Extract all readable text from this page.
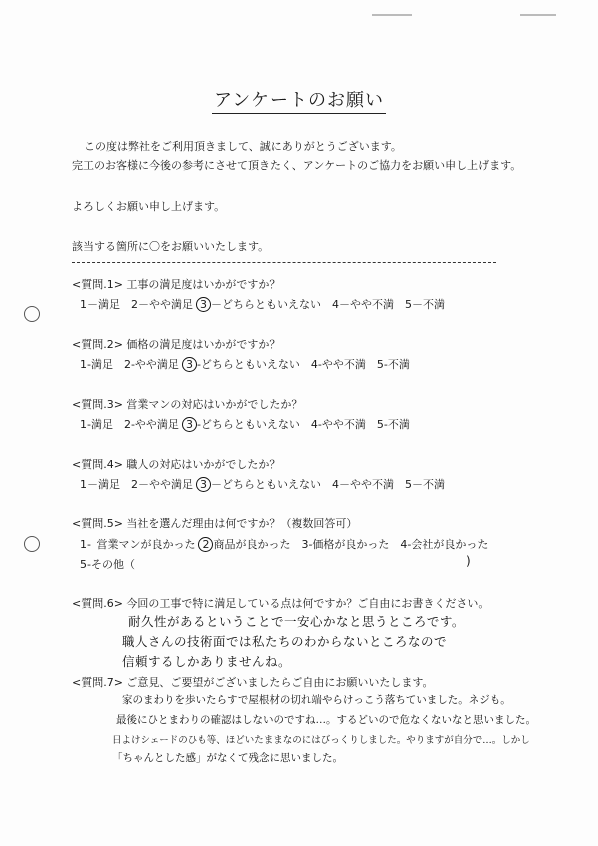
アンケートのお願い
この度は弊社をご利用頂きまして、誠にありがとうございます。
完工のお客様に今後の参考にさせて頂きたく、アンケートのご協力をお願い申し上げます。
よろしくお願い申し上げます。
該当する箇所に〇をお願いいたします。
<質問.1> 工事の満足度はいかがですか？
1－満足　2－やや満足 3 －どちらともいえない　4－やや不満　5－不満
<質問.2> 価格の満足度はいかがですか？
1-満足　2-やや満足 3 -どちらともいえない　4-やや不満　5-不満
<質問.3> 営業マンの対応はいかがでしたか？
1-満足　2-やや満足 3 -どちらともいえない　4-やや不満　5-不満
<質問.4> 職人の対応はいかがでしたか？
1－満足　2－やや満足 3 －どちらともいえない　4－やや不満　5－不満
<質問.5> 当社を選んだ理由は何ですか？（複数回答可）
1- 営業マンが良かった 2 商品が良かった　3-価格が良かった　4-会社が良かった
5-その他（	)
<質問.6> 今回の工事で特に満足している点は何ですか？ご自由にお書きください。
耐久性があるということで一安心かなと思うところです。
職人さんの技術面では私たちのわからないところなので
信頼するしかありませんね。
<質問.7> ご意見、ご要望がございましたらご自由にお願いいたします。
家のまわりを歩いたらすで屋根材の切れ端やらけっこう落ちていました。ネジも。
最後にひとまわりの確認はしないのですね…。するどいので危なくないなと思いました。
日よけシェードのひも等、ほどいたままなのにはびっくりしました。やりますが自分で…。しかし
「ちゃんとした感」がなくて残念に思いました。
